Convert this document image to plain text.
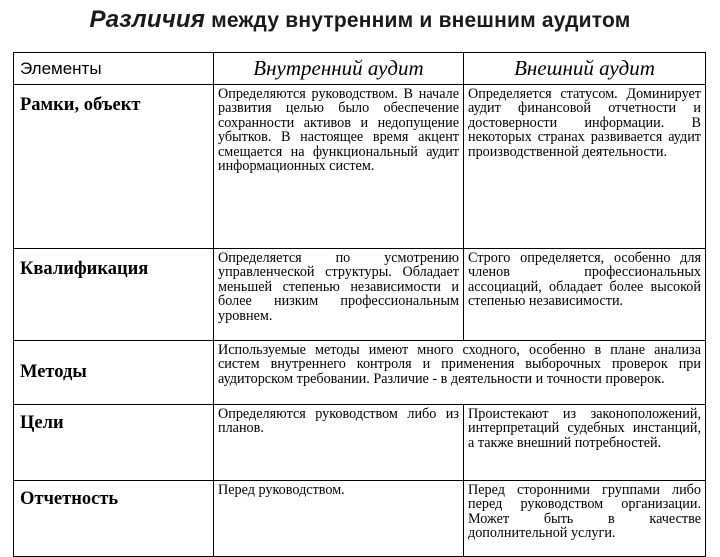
Различия между внутренним и внешним аудитом
Элементы	Внутренний аудит	Внешний аудит
Рамки, объект	Определяются руководством. В начале развития целью было обеспечение сохранности активов и недопущение убытков. В настоящее время акцент смещается на функциональный аудит информационных систем.	Определяется статусом. Доминирует аудит финансовой отчетности и достоверности информации. В некоторых странах развивается аудит производственной деятельности.
Квалификация	Определяется по усмотрению управленческой структуры. Обладает меньшей степенью независимости и более низким профессиональным уровнем.	Строго определяется, особенно для членов профессиональных ассоциаций, обладает более высокой степенью независимости.
Методы	Используемые методы имеют много сходного, особенно в плане анализа систем внутреннего контроля и применения выборочных проверок при аудиторском требовании. Различие - в деятельности и точности проверок.	
Цели	Определяются руководством либо из планов.	Проистекают из законоположений, интерпретаций судебных инстанций, а также внешний потребностей.
Отчетность	Перед руководством.	Перед сторонними группами либо перед руководством организации. Может быть в качестве дополнительной услуги.
